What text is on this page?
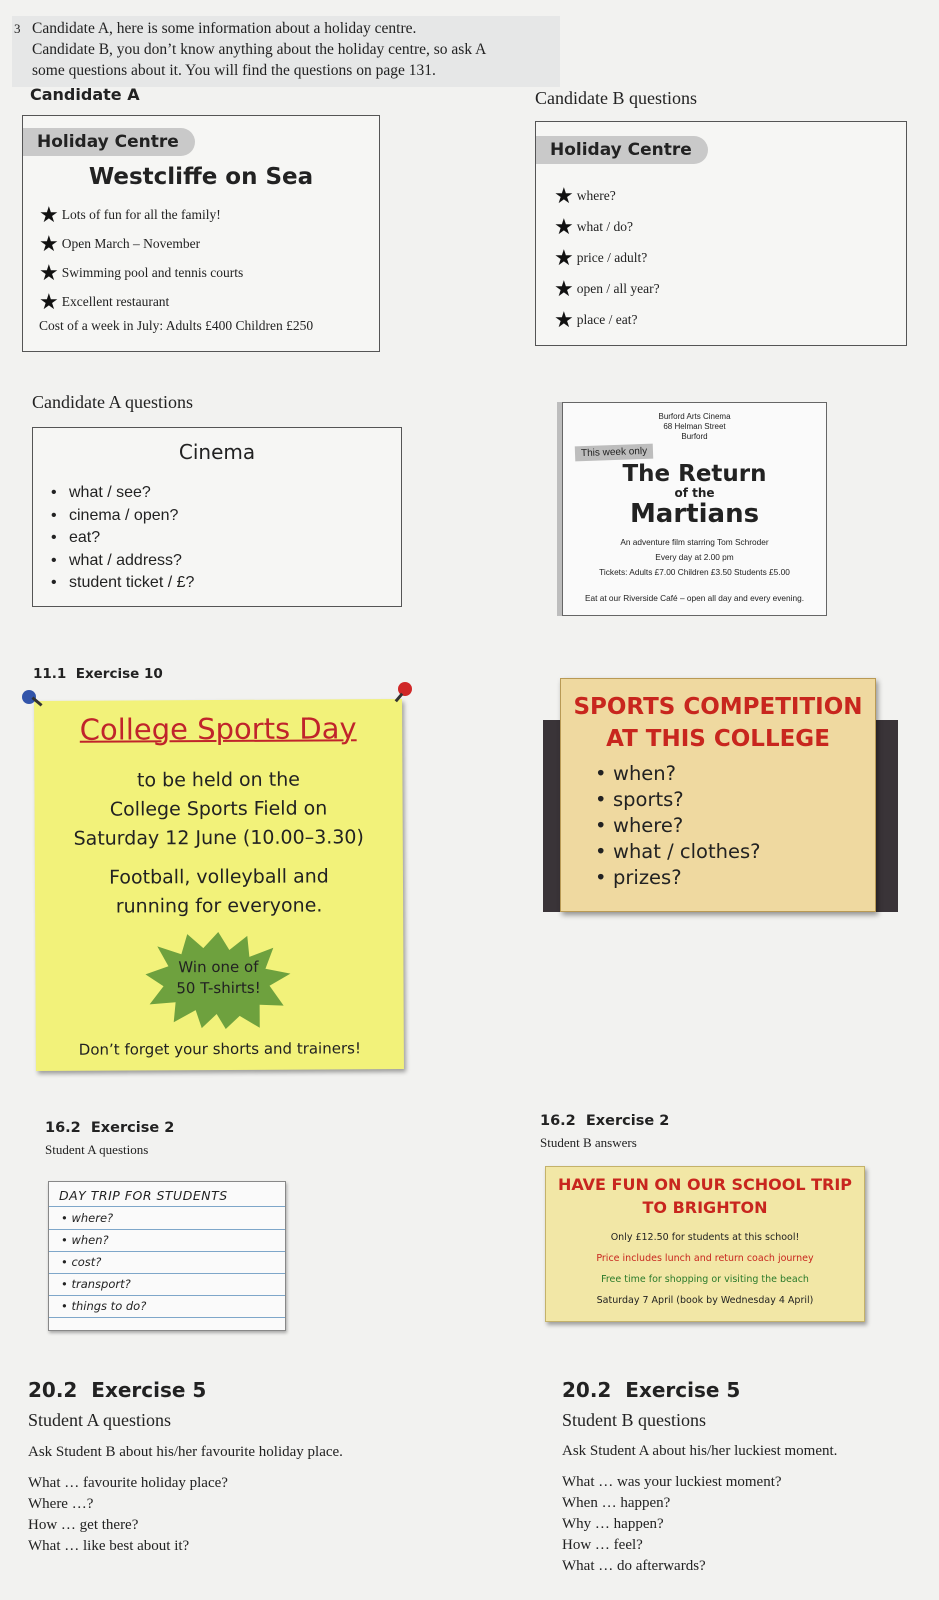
3 Candidate A, here is some information about a holiday centre.
Candidate B, you don’t know anything about the holiday centre, so ask A
some questions about it. You will find the questions on page 131.
Candidate A
Holiday Centre
Westcliffe on Sea
★ Lots of fun for all the family!
★ Open March – November
★ Swimming pool and tennis courts
★ Excellent restaurant
Cost of a week in July: Adults £400 Children £250
Candidate B questions
Holiday Centre
★ where?
★ what / do?
★ price / adult?
★ open / all year?
★ place / eat?
Candidate A questions
Cinema
• what / see?
• cinema / open?
• eat?
• what / address?
• student ticket / £?
Burford Arts Cinema
68 Helman Street
Burford
This week only
The Return
of the
Martians
An adventure film starring Tom Schroder
Every day at 2.00 pm
Tickets: Adults £7.00 Children £3.50 Students £5.00
Eat at our Riverside Café – open all day and every evening.
11.1 Exercise 10
College Sports Day
to be held on the
College Sports Field on
Saturday 12 June (10.00–3.30)
Football, volleyball and
running for everyone.
Win one of
50 T-shirts!
Don’t forget your shorts and trainers!
SPORTS COMPETITION
AT THIS COLLEGE
• when?
• sports?
• where?
• what / clothes?
• prizes?
16.2 Exercise 2
Student A questions
DAY TRIP FOR STUDENTS
• where?
• when?
• cost?
• transport?
• things to do?
16.2 Exercise 2
Student B answers
HAVE FUN ON OUR SCHOOL TRIP
TO BRIGHTON
Only £12.50 for students at this school!
Price includes lunch and return coach journey
Free time for shopping or visiting the beach
Saturday 7 April (book by Wednesday 4 April)
20.2 Exercise 5
Student A questions
Ask Student B about his/her favourite holiday place.
What … favourite holiday place?
Where …?
How … get there?
What … like best about it?
20.2 Exercise 5
Student B questions
Ask Student A about his/her luckiest moment.
What … was your luckiest moment?
When … happen?
Why … happen?
How … feel?
What … do afterwards?
